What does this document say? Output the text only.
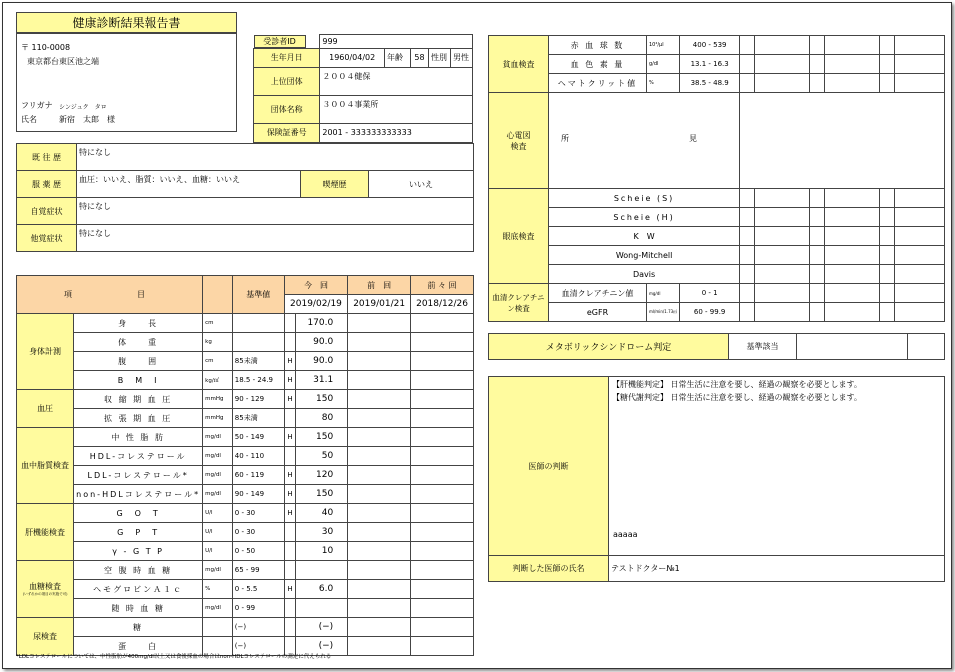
健康診断結果報告書
〒 110-0008
東京都台東区池之端
フリガナ シンジュク　タロ
氏名	新宿　太郎　様
受診者ID	999				
生年月日	1960/04/02	年齢	58	性別	男性
上位団体	２００４健保				
団体名称	３００４事業所				
保険証番号	2001 - 333333333333				
既 往 歴	特になし		
服 薬 歴	血圧：いいえ、脂質：いいえ、血糖：いいえ	喫煙歴	いいえ
自覚症状	特になし		
他覚症状	特になし		
項 目			基準値	今　回		前　回	前 々 回
				2019/02/19		2019/01/21	2018/12/26
身体計測	身　　長	cm			170.0		
	体　　重	kg			90.0		
	腹　　囲	cm	85未満	H	90.0		
	B　M　I	kg/㎡	18.5 - 24.9	H	31.1		
血圧	収 縮 期 血 圧	mmHg	90 - 129	H	150		
	拡 張 期 血 圧	mmHg	85未満		80		
血中脂質検査	中 性 脂 肪	mg/dl	50 - 149	H	150		
	HDL-コレステロール	mg/dl	40 - 110		50		
	LDL-コレステロール*	mg/dl	60 - 119	H	120		
	non-HDLコレステロール*	mg/dl	90 - 149	H	150		
肝機能検査	G　O　T	U/l	0 - 30	H	40		
	G　P　T	U/l	0 - 30		30		
	γ - G T P	U/l	0 - 50		10		
血糖検査
(いずれかの項目の実施で可)	空 腹 時 血 糖	mg/dl	65 - 99				
	ヘモグロビンＡ１ｃ	%	0 - 5.5	H	6.0		
	随 時 血 糖	mg/dl	0 - 99				
尿検査	糖		(−)		(−)		
	蛋　　白		(−)		(−)		
*LDLコレステロールについては、中性脂肪が400mg/dl以上又は食後採血の場合はnon-HDLコレステロールの測定に代えられる
貧血検査	赤 血 球 数	10⁴/μl	400 - 539						
	血 色 素 量	g/dl	13.1 - 16.3						
	ヘマトクリット値	%	38.5 - 48.9						
心電図
検査	所 見								

眼底検査	Scheie (S)								
	Scheie (H)								
	K　W								
	Wong-Mitchell								
	Davis								
血清クレアチニン検査	血清クレアチニン値	mg/dl	0 - 1						
	eGFR	ml/min/1.73㎡	60 - 99.9						
メタボリックシンドローム判定	基準該当		
医師の判断	【肝機能判定】 日常生活に注意を要し、経過の観察を必要とします。
【糖代謝判定】 日常生活に注意を要し、経過の観察を必要とします。
aaaaa

判断した医師の氏名	テストドクター№1
